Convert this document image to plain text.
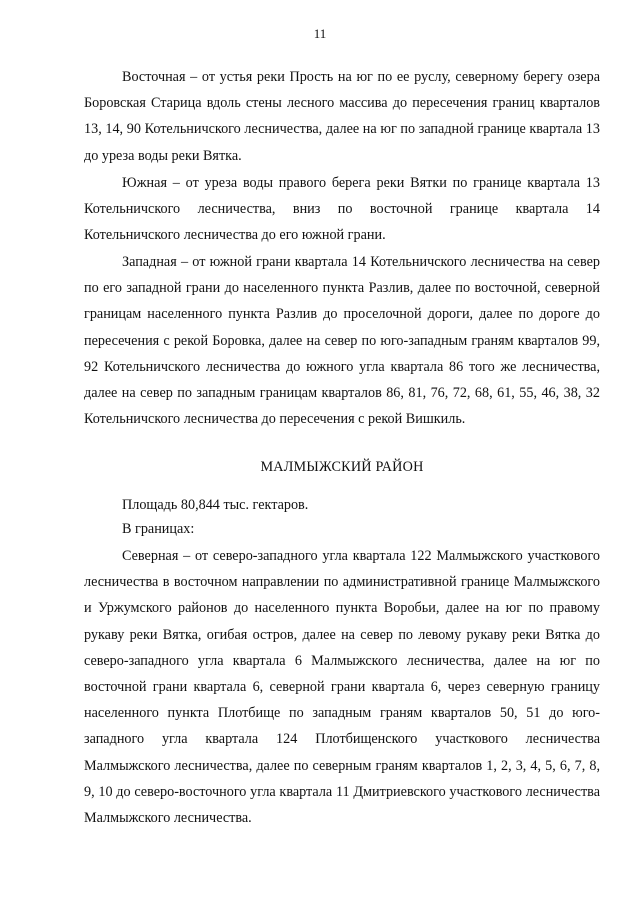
11

Восточная – от устья реки Прость на юг по ее руслу, северному берегу озера Боровская Старица вдоль стены лесного массива до пересечения границ кварталов 13, 14, 90 Котельничского лесничества, далее на юг по западной границе квартала 13 до уреза воды реки Вятка.

Южная – от уреза воды правого берега реки Вятки по границе квартала 13 Котельничского лесничества, вниз по восточной границе квартала 14 Котельничского лесничества до его южной грани.

Западная – от южной грани квартала 14 Котельничского лесничества на север по его западной грани до населенного пункта Разлив, далее по восточной, северной границам населенного пункта Разлив до проселочной дороги, далее по дороге до пересечения с рекой Боровка, далее на север по юго-западным граням кварталов 99, 92 Котельничского лесничества до южного угла квартала 86 того же лесничества, далее на север по западным границам кварталов 86, 81, 76, 72, 68, 61, 55, 46, 38, 32 Котельничского лесничества до пересечения с рекой Вишкиль.

МАЛМЫЖСКИЙ РАЙОН

Площадь 80,844 тыс. гектаров.

В границах:

Северная – от северо-западного угла квартала 122 Малмыжского участкового лесничества в восточном направлении по административной границе Малмыжского и Уржумского районов до населенного пункта Воробьи, далее на юг по правому рукаву реки Вятка, огибая остров, далее на север по левому рукаву реки Вятка до северо-западного угла квартала 6 Малмыжского лесничества, далее на юг по восточной грани квартала 6, северной грани квартала 6, через северную границу населенного пункта Плотбище по западным граням кварталов 50, 51 до юго-западного угла квартала 124 Плотбищенского участкового лесничества Малмыжского лесничества, далее по северным граням кварталов 1, 2, 3, 4, 5, 6, 7, 8, 9, 10 до северо-восточного угла квартала 11 Дмитриевского участкового лесничества Малмыжского лесничества.
